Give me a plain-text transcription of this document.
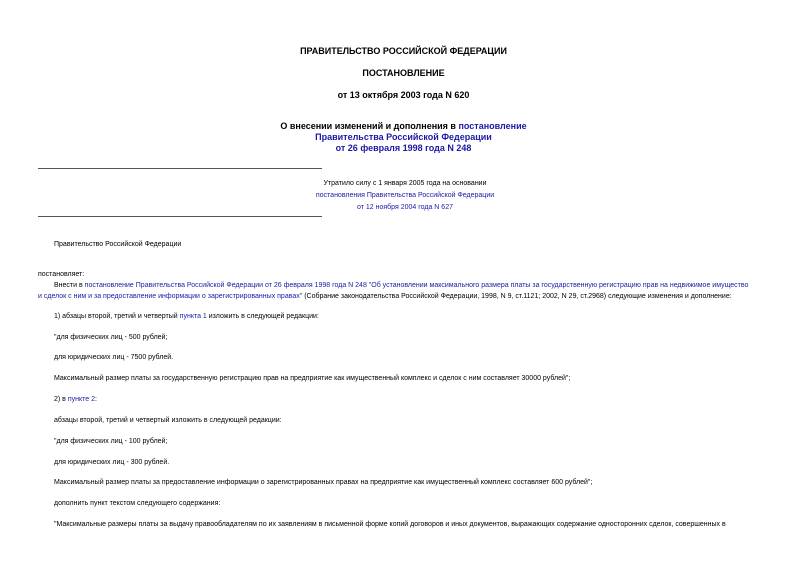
ПРАВИТЕЛЬСТВО РОССИЙСКОЙ ФЕДЕРАЦИИ
ПОСТАНОВЛЕНИЕ
от 13 октября 2003 года N 620
О внесении изменений и дополнения в постановление
Правительства Российской Федерации
от 26 февраля 1998 года N 248
Утратило силу с 1 января 2005 года на основании
постановления Правительства Российской Федерации
от 12 ноября 2004 года N 627
Правительство Российской Федерации
постановляет:
Внести в постановление Правительства Российской Федерации от 26 февраля 1998 года N 248 "Об установлении максимального размера платы за государственную регистрацию прав на недвижимое имущество
и сделок с ним и за предоставление информации о зарегистрированных правах" (Собрание законодательства Российской Федерации, 1998, N 9, ст.1121; 2002, N 29, ст.2968) следующие изменения и дополнение:
1) абзацы второй, третий и четвертый пункта 1 изложить в следующей редакции:
"для физических лиц - 500 рублей;
для юридических лиц - 7500 рублей.
Максимальный размер платы за государственную регистрацию прав на предприятие как имущественный комплекс и сделок с ним составляет 30000 рублей";
2) в пункте 2:
абзацы второй, третий и четвертый изложить в следующей редакции:
"для физических лиц - 100 рублей;
для юридических лиц - 300 рублей.
Максимальный размер платы за предоставление информации о зарегистрированных правах на предприятие как имущественный комплекс составляет 600 рублей";
дополнить пункт текстом следующего содержания:
"Максимальные размеры платы за выдачу правообладателям по их заявлениям в письменной форме копий договоров и иных документов, выражающих содержание односторонних сделок, совершенных в
